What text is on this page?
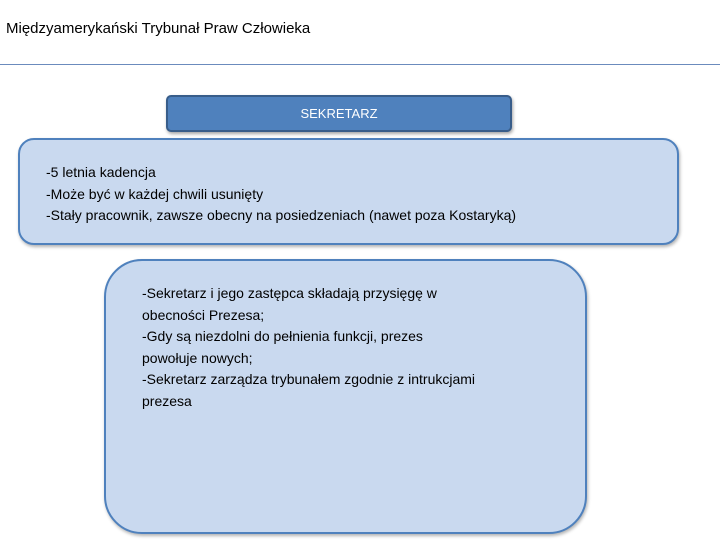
Międzyamerykański Trybunał Praw Człowieka
SEKRETARZ
-5 letnia kadencja
-Może być w każdej chwili usunięty
-Stały pracownik, zawsze obecny na posiedzeniach (nawet poza Kostaryką)
-Sekretarz i jego zastępca składają przysięgę w
obecności Prezesa;
-Gdy są niezdolni do pełnienia funkcji, prezes
powołuje nowych;
-Sekretarz zarządza trybunałem zgodnie z intrukcjami
prezesa
